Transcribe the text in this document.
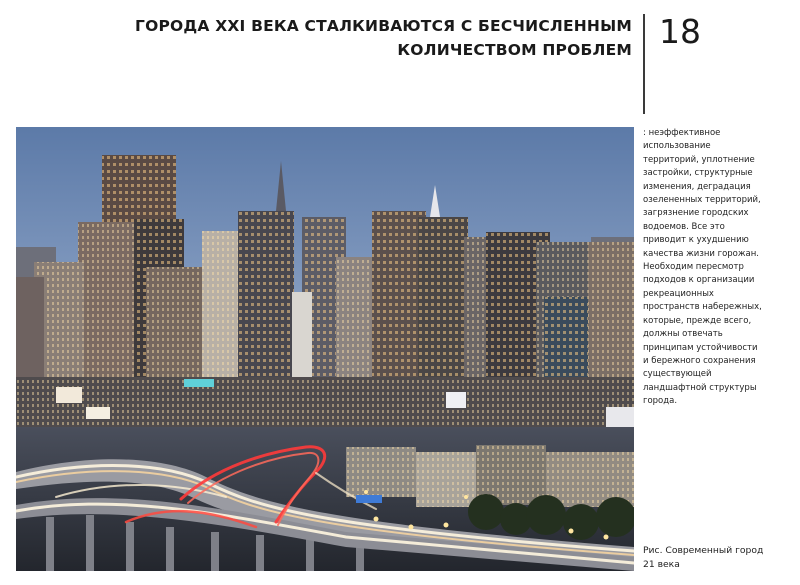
ГОРОДА XXI ВЕКА СТАЛКИВАЮТСЯ С БЕСЧИСЛЕННЫМ
КОЛИЧЕСТВОМ ПРОБЛЕМ 18
: неэффективное
использование
территорий, уплотнение
застройки, структурные
изменения, деградация
озелененных территорий,
загрязнение городских
водоемов. Все это
приводит к ухудшению
качества жизни горожан.
Необходим пересмотр
подходов к организации
рекреационных
пространств набережных,
которые, прежде всего,
должны отвечать
принципам устойчивости
и бережного сохранения
существующей
ландшафтной структуры
города.
Рис. Современный город
21 века
